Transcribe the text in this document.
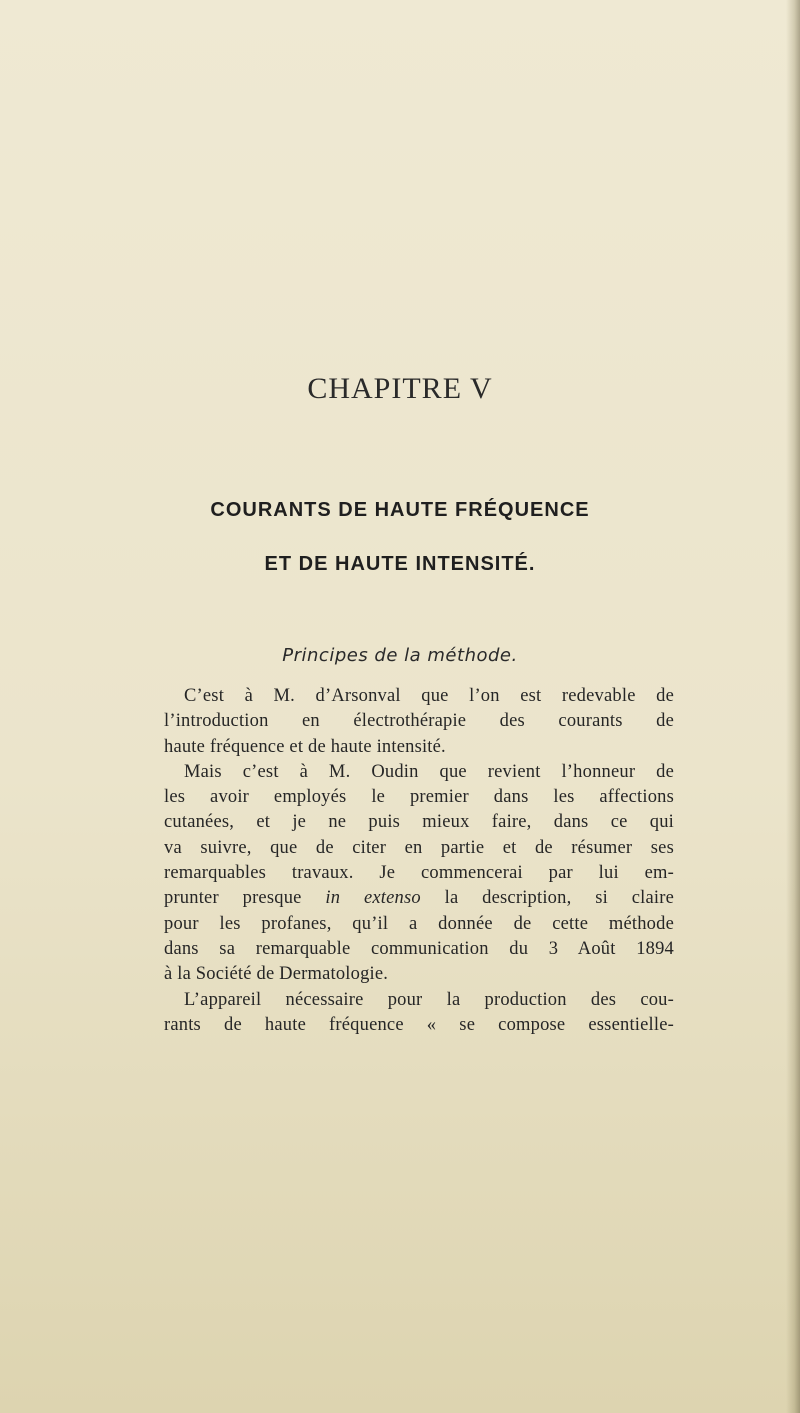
CHAPITRE V
COURANTS DE HAUTE FRÉQUENCE
ET DE HAUTE INTENSITÉ.
Principes de la méthode.
C’est à M. d’Arsonval que l’on est redevable de
l’introduction en électrothérapie des courants de
haute fréquence et de haute intensité.
Mais c’est à M. Oudin que revient l’honneur de
les avoir employés le premier dans les affections
cutanées, et je ne puis mieux faire, dans ce qui
va suivre, que de citer en partie et de résumer ses
remarquables travaux. Je commencerai par lui em-
prunter presque in extenso la description, si claire
pour les profanes, qu’il a donnée de cette méthode
dans sa remarquable communication du 3 Août 1894
à la Société de Dermatologie.
L’appareil nécessaire pour la production des cou-
rants de haute fréquence « se compose essentielle-
